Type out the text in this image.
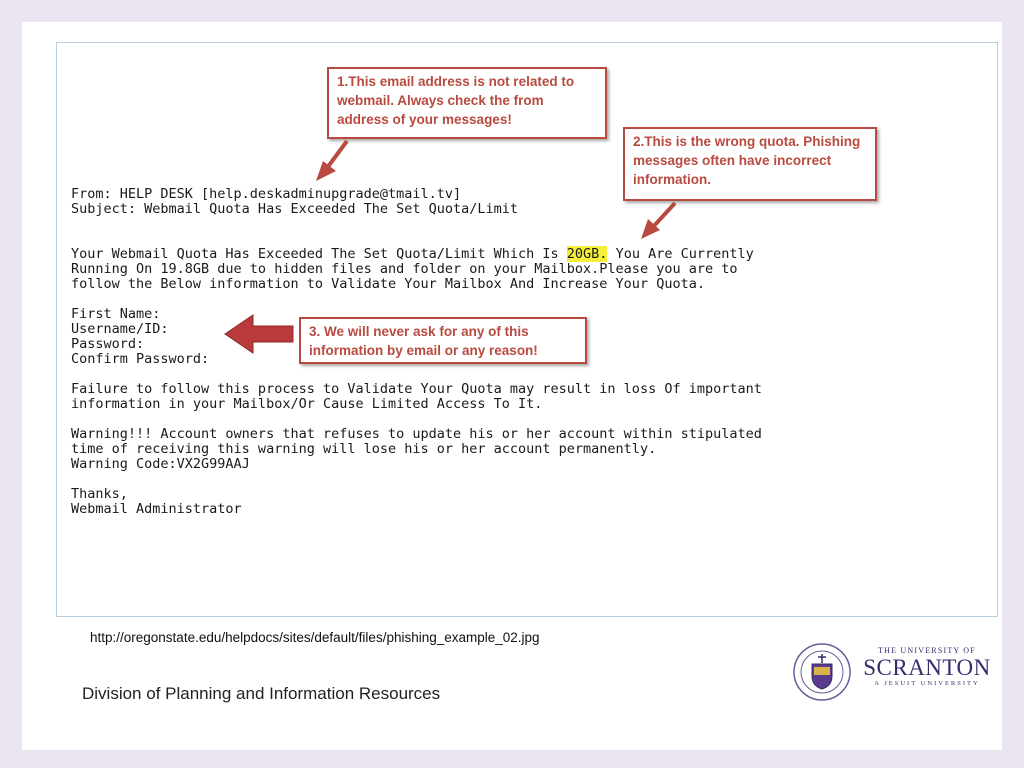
From: HELP DESK [help.deskadminupgrade@tmail.tv]
Subject: Webmail Quota Has Exceeded The Set Quota/Limit
Your Webmail Quota Has Exceeded The Set Quota/Limit Which Is 20GB. You Are Currently
Running On 19.8GB due to hidden files and folder on your Mailbox.Please you are to
follow the Below information to Validate Your Mailbox And Increase Your Quota.
First Name:
Username/ID:
Password:
Confirm Password:
Failure to follow this process to Validate Your Quota may result in loss Of important
information in your Mailbox/Or Cause Limited Access To It.
Warning!!! Account owners that refuses to update his or her account within stipulated
time of receiving this warning will lose his or her account permanently.
Warning Code:VX2G99AAJ
Thanks,
Webmail Administrator
1.This email address is not related to webmail. Always check the from address of your messages!
2.This is the wrong quota. Phishing messages often have incorrect information.
3. We will never ask for any of this information by email or any reason!
http://oregonstate.edu/helpdocs/sites/default/files/phishing_example_02.jpg
Division of Planning and Information Resources
THE UNIVERSITY OF
SCRANTON
A JESUIT UNIVERSITY
